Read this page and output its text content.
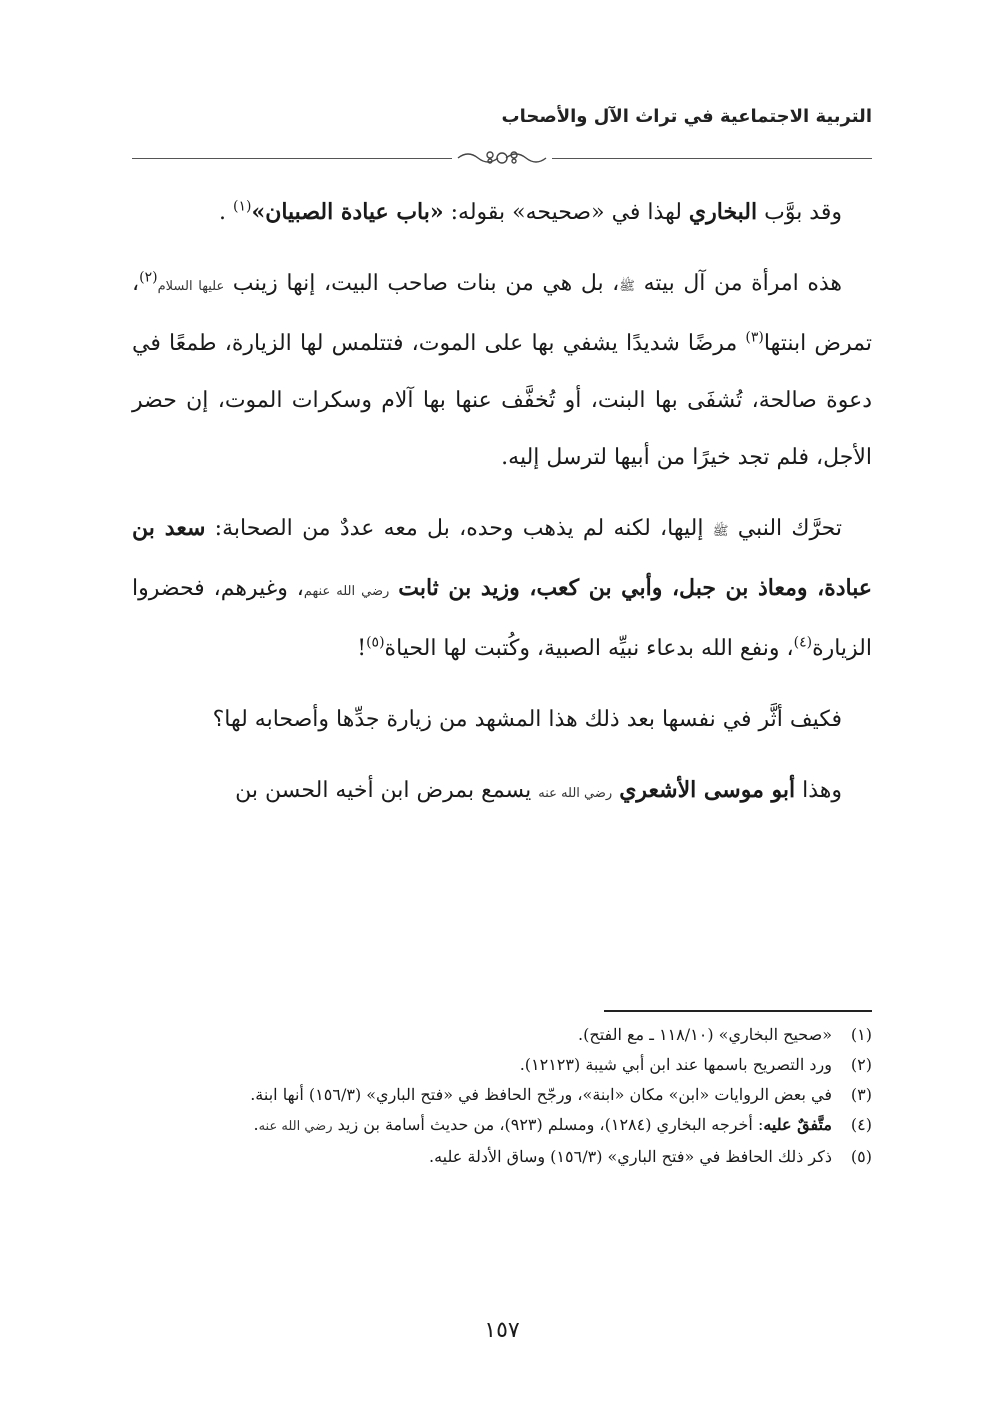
التربية الاجتماعية في تراث الآل والأصحاب

وقد بوَّب البخاري لهذا في «صحيحه» بقوله: «باب عيادة الصبيان»$^{(١)}$ .

هذه امرأة من آل بيته ﷺ، بل هي من بنات صاحب البيت، إنها زينب عليها السلام$^{(٢)}$، تمرض ابنتها$^{(٣)}$ مرضًا شديدًا يشفي بها على الموت، فتتلمس لها الزيارة، طمعًا في دعوة صالحة، تُشفَى بها البنت، أو تُخفَّف عنها بها آلام وسكرات الموت، إن حضر الأجل، فلم تجد خيرًا من أبيها لترسل إليه.

تحرَّك النبي ﷺ إليها، لكنه لم يذهب وحده، بل معه عددٌ من الصحابة: سعد بن عبادة، ومعاذ بن جبل، وأبي بن كعب، وزيد بن ثابت رضي الله عنهم، وغيرهم، فحضروا الزيارة$^{(٤)}$، ونفع الله بدعاء نبيِّه الصبية، وكُتبت لها الحياة$^{(٥)}$!

فكيف أثَّر في نفسها بعد ذلك هذا المشهد من زيارة جدِّها وأصحابه لها؟

وهذا أبو موسى الأشعري رضي الله عنه يسمع بمرض ابن أخيه الحسن بن

(١)
«صحيح البخاري» (١١٨/١٠ ـ مع الفتح).
(٢)
ورد التصريح باسمها عند ابن أبي شيبة (١٢١٢٣).
(٣)
في بعض الروايات «ابن» مكان «ابنة»، ورجّح الحافظ في «فتح الباري» (١٥٦/٣) أنها ابنة.
(٤)
متَّفقٌ عليه: أخرجه البخاري (١٢٨٤)، ومسلم (٩٢٣)، من حديث أسامة بن زيد رضي الله عنه.
(٥)
ذكر ذلك الحافظ في «فتح الباري» (١٥٦/٣) وساق الأدلة عليه.
١٥٧
